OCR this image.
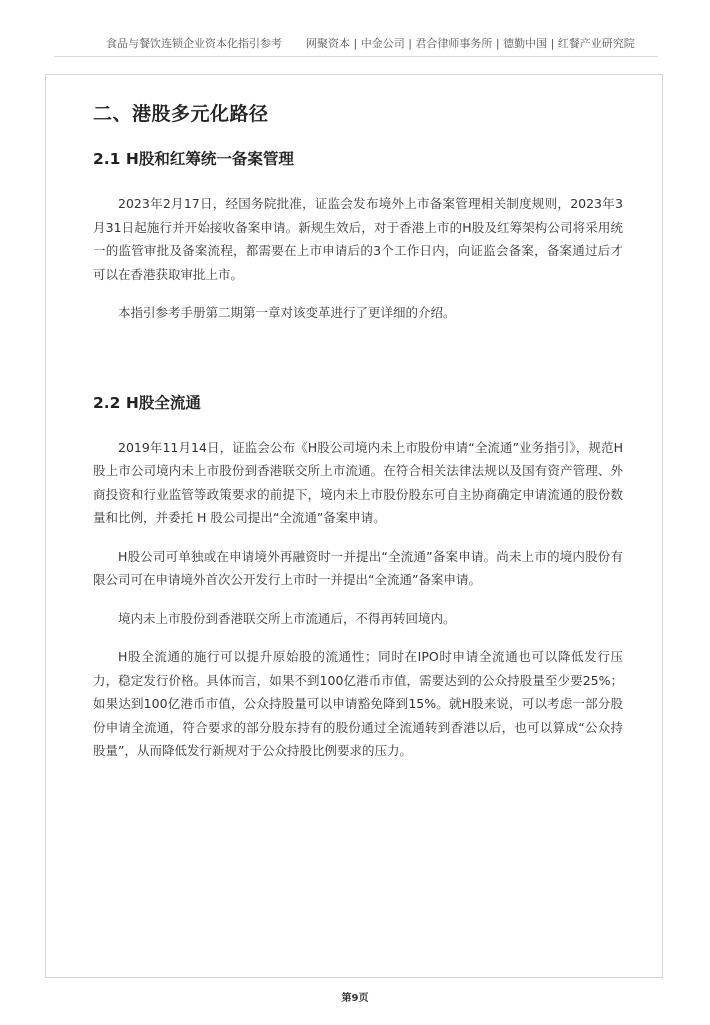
食品与餐饮连锁企业资本化指引参考 网聚资本 | 中金公司 | 君合律师事务所 | 德勤中国 | 红餐产业研究院
二、港股多元化路径
2.1 H股和红筹统一备案管理

2023年2月17日，经国务院批准，证监会发布境外上市备案管理相关制度规则，2023年3月31日起施行并开始接收备案申请。新规生效后，对于香港上市的H股及红筹架构公司将采用统一的监管审批及备案流程，都需要在上市申请后的3个工作日内，向证监会备案，备案通过后才可以在香港获取审批上市。

本指引参考手册第二期第一章对该变革进行了更详细的介绍。

2.2 H股全流通

2019年11月14日，证监会公布《H股公司境内未上市股份申请“全流通”业务指引》，规范H股上市公司境内未上市股份到香港联交所上市流通。在符合相关法律法规以及国有资产管理、外商投资和行业监管等政策要求的前提下，境内未上市股份股东可自主协商确定申请流通的股份数量和比例，并委托 H 股公司提出“全流通”备案申请。

H股公司可单独或在申请境外再融资时一并提出“全流通”备案申请。尚未上市的境内股份有限公司可在申请境外首次公开发行上市时一并提出“全流通”备案申请。

境内未上市股份到香港联交所上市流通后，不得再转回境内。

H股全流通的施行可以提升原始股的流通性；同时在IPO时申请全流通也可以降低发行压力，稳定发行价格。具体而言，如果不到100亿港币市值，需要达到的公众持股量至少要25%；如果达到100亿港币市值，公众持股量可以申请豁免降到15%。就H股来说，可以考虑一部分股份申请全流通，符合要求的部分股东持有的股份通过全流通转到香港以后，也可以算成“公众持股量”，从而降低发行新规对于公众持股比例要求的压力。

第9页
